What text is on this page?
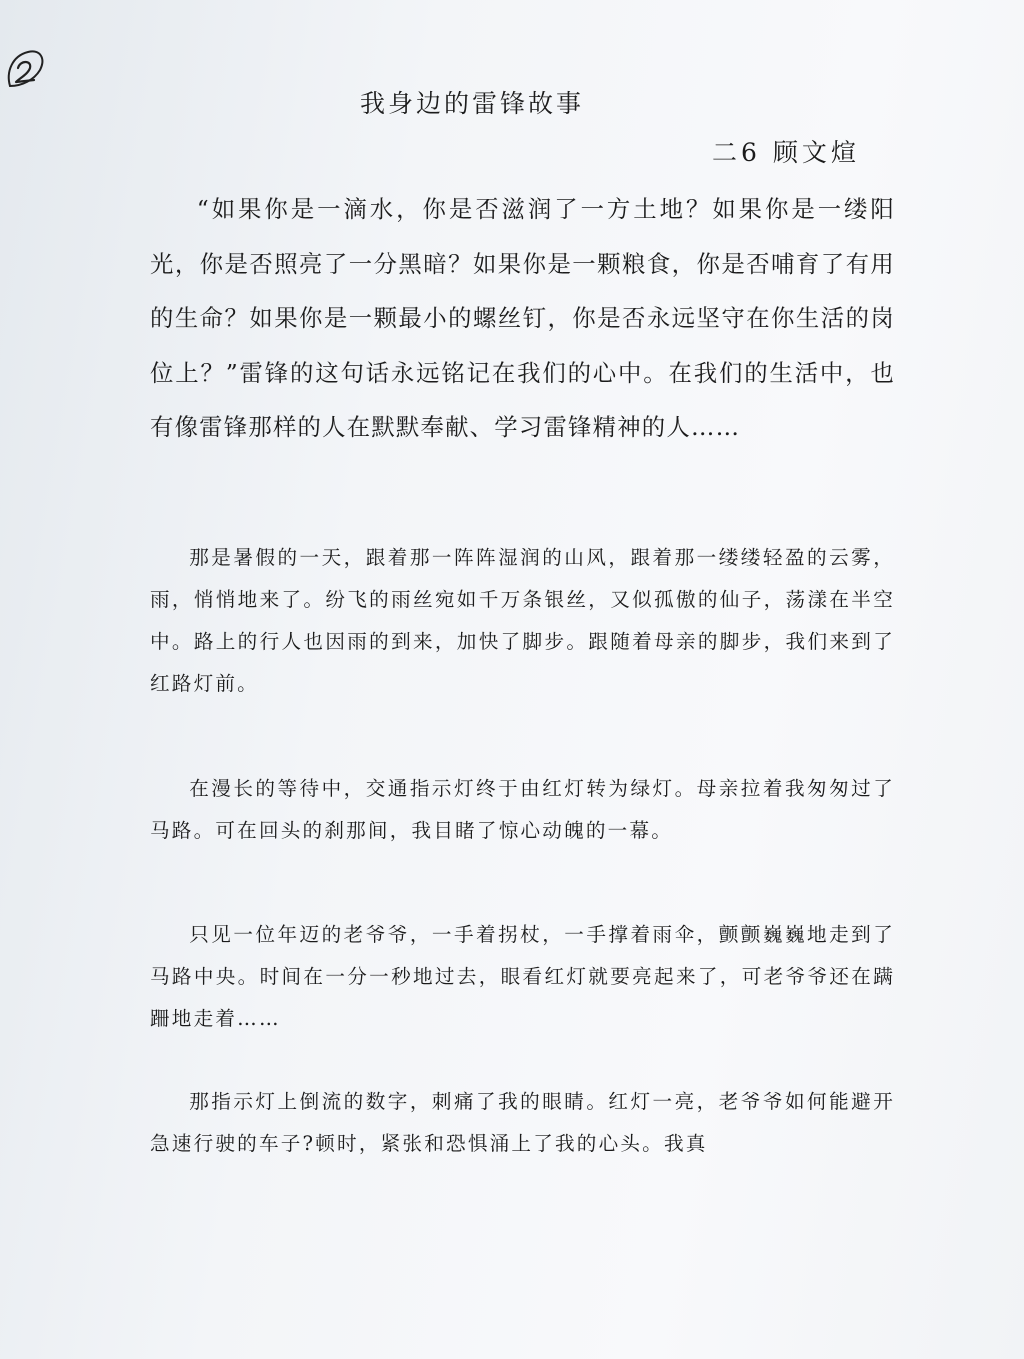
我身边的雷锋故事
二6 顾文煊

“如果你是一滴水，你是否滋润了一方土地？如果你是一缕阳光，你是否照亮了一分黑暗？如果你是一颗粮食，你是否哺育了有用的生命？如果你是一颗最小的螺丝钉，你是否永远坚守在你生活的岗位上？”雷锋的这句话永远铭记在我们的心中。在我们的生活中，也有像雷锋那样的人在默默奉献、学习雷锋精神的人……

那是暑假的一天，跟着那一阵阵湿润的山风，跟着那一缕缕轻盈的云雾，雨，悄悄地来了。纷飞的雨丝宛如千万条银丝，又似孤傲的仙子，荡漾在半空中。路上的行人也因雨的到来，加快了脚步。跟随着母亲的脚步，我们来到了红路灯前。

在漫长的等待中，交通指示灯终于由红灯转为绿灯。母亲拉着我匆匆过了马路。可在回头的刹那间，我目睹了惊心动魄的一幕。

只见一位年迈的老爷爷，一手着拐杖，一手撑着雨伞，颤颤巍巍地走到了马路中央。时间在一分一秒地过去，眼看红灯就要亮起来了，可老爷爷还在蹒跚地走着……

那指示灯上倒流的数字，刺痛了我的眼睛。红灯一亮，老爷爷如何能避开急速行驶的车子?顿时，紧张和恐惧涌上了我的心头。我真
